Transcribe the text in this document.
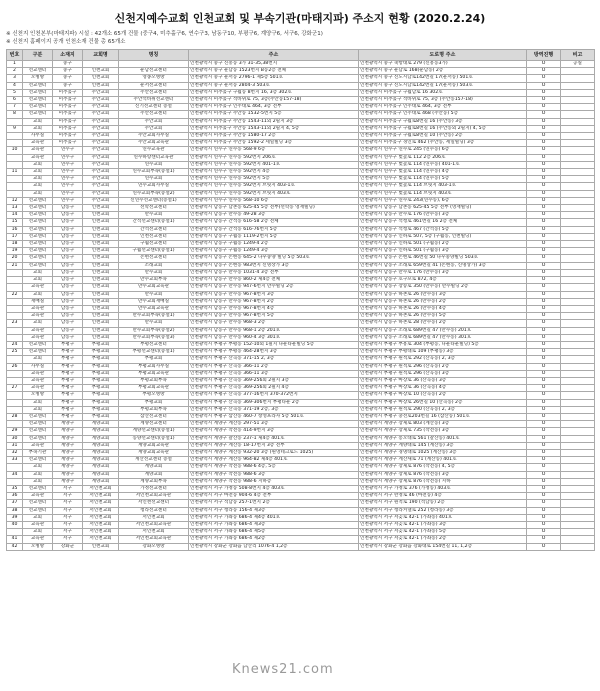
신천지예수교회 인천교회 및 부속기관(마태지파) 주소지 현황 (2020.2.24)
※ 신천지 인천본부(마태지파) 시설 : 42개소 65개 건물 (중구4, 미추홀구6, 연수구3, 남동구10, 부평구6, 계양구6, 서구6, 강화군1)
※ 신천지 홈페이지 공개 인천소재 건물 총 65개소
번호	구분	소재지	교회명	명칭	주소	도로명 주소	방역진행	비고
1		중구			인천광역시 중구 신흥동 3가 31-35,38번지	인천광역시 중구 축항대로 279 (신흥동3가)	O	공실
2	선교센터	중구	인천교회	운남선교센터	인천광역시 중구 운남동 1523번지 B동2층 전체	인천광역시 중구 운남로 168(운남동) 2층	O	
3	오병방	중구	인천교회	영종오병방	인천광역시 중구 운서동 2796-1 제5층 501호	인천광역시 중구 신도시남로142번길 17(운서동) 501호	O	
4	선교센터	중구	인천교회	운서선교센터	인천광역시 중구 운서동 2804-3 503호	인천광역시 중구 신도시남로142번길 17(운서동) 503호	O	
5	선교센터	미추홀구	주안교회	주안선교센터	인천광역시 미추홀구 구월동 8번지 16, 3층 302호	인천광역시 미추홀구 구월남로 16 302호	O	
6	선교센터	미추홀구	주안교회	주안석바위선교센터	인천광역시 미추홀구 석바위로 75, 3층(주안동157-18)	인천광역시 미추홀구 석바위로 75, 3층 (주안동157-18)	O	
7	선교센터	미추홀구	주안교회	신기선교센터 증설	인천광역시 미추홀구 인주대로 464, 3층 전부	인천광역시 미추홀구 인주대로 464, 3층 전부	O	
8	선교센터	미추홀구	주안교회	주안선교센터	인천광역시 미추홀구 주안동 1532-5번지 5층	인천광역시 미추홀구 인주대로 468 (주안동) 5층	O	
	교회	미추홀구	주안교회	주안교회	인천광역시 미추홀구 주안동 1543-11외 2필지 3층	인천광역시 미추홀구 구월로8번길 16 (주안동) 3층	O	
9	교회	미추홀구	주안교회	주안교회	인천광역시 미추홀구 주안동 1543-11외 2필지 4, 5층	인천광역시 미추홀구 구월로8번길 16 (주안동외 2필지) 4, 5층	O	
	사무실	미추홀구	주안교회	주안교회사무실	인천광역시 미추홀구 주안동 1580-17 2층	인천광역시 미추홀구 구월로8번길 10 (주안동) 2층	O	
	교육관	미추홀구	주안교회	주안교회교육관	인천광역시 미추홀구 주안동 1592-2 세일빌딩 3층	인천광역시 미추홀구 경인로 462 (주안동, 세일빌딩) 3층	O	
10	교육관	연수구	주안교회	연수교육관	인천광역시 연수구 연수동 568-9 6층	인천광역시 연수구 연수로 245 (연수동) 6층	O	
	교육관	연수구	주안교회	연수하랑센터교육관	인천광역시 연수구 연수동 592번지 206호	인천광역시 연수구 벚꽃로 112 2층 206호	O	
	교회	연수구	주안교회	연수교회	인천광역시 연수구 연수동 592번지 401-1호	인천광역시 연수구 벚꽃로 114 (연수동) 401-1호	O	
11	교회	연수구	주안교회	연수교회부속(증설1)	인천광역시 연수구 연수동 592번지 4층	인천광역시 연수구 벚꽃로 114 (연수동) 4층	O	
	교회	연수구	주안교회	연수교회	인천광역시 연수구 연수동 592번지 5층	인천광역시 연수구 벚꽃로 114 (연수동) 5층	O	
	교회	연수구	주안교회	연수교회사무실	인천광역시 연수구 연수동 592번지 브릿지 403-1호	인천광역시 연수구 벚꽃로 114 브릿지 403-1호	O	
	교회	연수구	주안교회	연수교회부속(증설2)	인천광역시 연수구 연수동 592번지 브릿지 403호	인천광역시 연수구 벚꽃로 114 브릿지 403호	O	
12	선교센터	연수구	주안교회	신연수선교센터(증설1)	인천광역시 연수구 연수동 568-10 6층	인천광역시 연수구 연수로 243(연수동), 6층	O	
13	선교센터	남동구	인천교회	선학선교센터	인천광역시 남동구 남촌동 625-45 5층 전부(선학동 영재빌딩)	인천광역시 남동구 남촌동 625-45 5층 전부 (영재빌딩)	O	
14	선교센터	남동구	인천교회	만수교회	인천광역시 남동구 만수동 49-28 3층	인천광역시 남동구 만수로 176 (만수동) 3층	O	
15	선교센터	남동구	인천교회	간석선교센터(증설1)	인천광역시 남동구 간석동 616-58 2층 전체	인천광역시 남동구 석청로 461번길 16 2층 전체	O	
16	선교센터	남동구	인천교회	간석선교센터	인천광역시 남동구 간석동 616-76번지 5층	인천광역시 남동구 석청로 467 (간석동) 5층	O	
17	선교센터	남동구	인천교회	인천선교센터	인천광역시 남동구 구월동 1119-2번지 5층	인천광역시 남동구 인하로 507, 5층 (구월동, 인천빌딩)	O	
18	선교센터	남동구	인천교회	구월선교센터	인천광역시 남동구 구월동 1249-4 2층	인천광역시 남동구 인하로 501 (구월동) 2층	O	
19	선교센터	남동구	인천교회	구월선교센터(증설1)	인천광역시 남동구 구월동 1249-4 3층	인천광역시 남동구 인하로 501 (구월동) 3층	O	
20	선교센터	남동구	인천교회	논현선교센터	인천광역시 남동구 논현동 645-2 다우중양 빌딩 5층 503호	인천광역시 남동구 논현로 46번길 50 다우중양빌딩 503호	O	
21	선교센터	남동구	인천교회	소래교회	인천광역시 남동구 논현동 983번지 신명상가 3층	인천광역시 남동구 소래로 659번길 41 (논현동, 신명상가) 3층	O	
	교회	남동구	인천교회	만수교회	인천광역시 남동구 만수동 1031-4 3층 전부	인천광역시 남동구 만수로 176 (만수동) 3층	O	
	교회	남동구	인천교회	만수교회부속	인천광역시 남동구 만수동 860-2 제4층 전체	인천광역시 남동구 호구포로 872, 4층	O	
	교육관	남동구	인천교회	만수교회교육관	인천광역시 남동구 만수동 947-6번지 만수빌딩 2층	인천광역시 남동구 장승로 350 (만수동) 만수빌딩 2층	O	
22	교회	남동구	인천교회	만수교회	인천광역시 남동구 만수동 967-8번지 3층	인천광역시 남동구 하촌로 26 (만수동) 3층	O	
	재배실	남동구	인천교회	만수교회재배실	인천광역시 남동구 만수동 967-8번지 2층	인천광역시 남동구 하촌로 26 (만수동) 2층	O	
	교육관	남동구	인천교회	만수교회교육관	인천광역시 남동구 만수동 967-8번지 4층	인천광역시 남동구 하촌로 26 (만수동) 4층	O	
	교육관	남동구	인천교회	만수교회부속(증설1)	인천광역시 남동구 만수동 967-8번지 5층	인천광역시 남동구 하촌로 26 (만수동) 5층	O	
23	교회	남동구	인천교회	만수교회	인천광역시 남동구 만수동 968-3 2층	인천광역시 남동구 하촌로 28 (만수동) 2층	O	
	교육관	남동구	인천교회	만수교회부속(증설2)	인천광역시 남동구 만수동 968-1 2층 201호	인천광역시 남동구 소래로 689번길 47 (만수동) 201호	O	
	교육관	남동구	인천교회	만수교회부속(증설3)	인천광역시 남동구 만수동 960-4 3층 301호	인천광역시 남동구 소래로 689번길 47 (만수동) 301호	O	
24	선교센터	부평구	부평교회	부평선교센터	인천광역시 부평구 부평동 152-10외 1필지 다운타운빌딩 5층	인천광역시 부평구 부흥로 304 (부평동, 다운타운빌딩) 5층	O	
25	선교센터	부평구	부평교회	부평선교센터(증설1)	인천광역시 부평구 부평동 464-28번지 3층	인천광역시 부평구 부평대로 109 (부평동) 3층	O	
	교회	부평구	부평교회	부평교회	인천광역시 부평구 산곡동 371-15 2, 3층	인천광역시 부평구 원적로 292 (산곡동) 2, 3층	O	
26	사무실	부평구	부평교회	부평교회사무실	인천광역시 부평구 산곡동 366-11 2층	인천광역시 부평구 원적로 296 (산곡동) 2층	O	
	교육관	부평구	부평교회	부평교회교육관	인천광역시 부평구 산곡동 366-11 3층	인천광역시 부평구 원적로 296 (산곡동) 3층	O	
	교육관	부평구	부평교회	부평교회부속	인천광역시 부평구 산곡동 369-256외 2필지 3층	인천광역시 부평구 마장로 36 (산곡동) 3층	O	
27	교육관	부평구	부평교회	부평교회교육관	인천광역시 부평구 산곡동 369-256외 2필지 4층	인천광역시 부평구 마장로 36 (산곡동) 4층	O	
	오병방	부평구	부평교회	부평오병방	인천광역시 부평구 산곡동 377-16번지 370-372번지	인천광역시 부평구 마장로 10 (산곡동) 2층	O	
	교회	부평구	부평교회	부평교회	인천광역시 부평구 산곡동 369-306번지 부평타운 2층	인천광역시 부평구 마장로 26번길 10 (산곡동) 2층	O	
	교회	부평구	부평교회	부평교회부속	인천광역시 부평구 산곡동 371-19 2층, 3층	인천광역시 부평구 원적로 290 (산곡동) 2, 3층	O	
28	선교센터	부평구	부평교회	삼산선교센터	인천광역시 부평구 삼산동 460-7 창성프라자 5층 501호	인천광역시 부평구 충선로203번길 16 (삼산동) 501호	O	
	선교센터	계양구	계양교회	계양선교센터	인천광역시 계양구 계산동 297-51 3층	인천광역시 계양구 장제로 803 (계산동) 3층	O	
29	선교센터	계양구	계양교회	계양선교센터(증설1)	인천광역시 계양구 작전동 414-9번지 3층	인천광역시 계양구 장제로 735 (작전동) 3층	O	
30	선교센터	계양구	계양교회	동양선교센터(증설1)	인천광역시 계양구 갈산동 237-1 제4층 401호	인천광역시 계양구 봉오대로 561 (갈산동) 401호	O	
31	교육관	계양구	계양교회	계양교회교육관	인천광역시 계양구 계산동 18-17번지 3층 전부	인천광역시 계양구 계양대로 145 (계산동) 3층	O	
32	부속기관	계양구	계양교회	계양교회교육관	인천광역시 계양구 계산동 932-20 3층 (원영테크로드 1025)	인천광역시 계양구 경명대로 1025 (계산동) 3층	O	
33	선교센터	계양구	계양교회	계산선교센터 증설	인천광역시 계양구 계산동 964-82 제4층 401호	인천광역시 계양구 계산새로 71 (계산동) 401호	O	
	교회	계양구	계양교회	계양교회	인천광역시 계양구 작전동 988-6 4층, 5층	인천광역시 계양구 장제로 876 (작전동) 4, 5층	O	
34	교회	계양구	계양교회	계양교회	인천광역시 계양구 작전동 988-6 3층	인천광역시 계양구 장제로 876 (작전동) 3층	O	
	교회	계양구	계양교회	계양교회부속	인천광역시 계양구 작전동 988-6 지하층	인천광역시 계양구 장제로 876 (작전동) 지하	O	
35	선교센터	서구	서인천교회	가정선교센터	인천광역시 서구 가정동 508-8번지 4층 403호	인천광역시 서구 가정로 376 (가정동) 403호	O	
36	교육관	서구	서인천교회	서인천교회교육관	인천광역시 서구 마전동 904-6 4층 전부	인천광역시 서구 완정로 46 (마전동) 4층	O	
37	선교센터	서구	서인천교회	서인천선교센터	인천광역시 서구 석남동 257-1번지 2층	인천광역시 서구 원적로 190 (석남동) 2층	O	
38	선교센터	서구	서인천교회	청라선교센터	인천광역시 서구 청라동 156-4 제3층	인천광역시 서구 청라커낼로 252 (청라동) 3층	O	
39	교회	서구	서인천교회	서인천교회	인천광역시 서구 가좌동 686-4 제4층 401호	인천광역시 서구 서곶로 42-1 (가좌동) 401호	O	
40	교육관	서구	서인천교회	서인천교회교육관	인천광역시 서구 가좌동 686-4 제3층	인천광역시 서구 서곶로 42-1 (가좌동) 3층	O	
	교회	서구	서인천교회	서인천교회	인천광역시 서구 가좌동 686-4 제5층	인천광역시 서구 서곶로 42-1 (가좌동) 5층	O	
41	교육관	서구	서인천교회	서인천교회교육관	인천광역시 서구 가좌동 686-4 제2층	인천광역시 서구 서곶로 42-1 (가좌동) 2층	O	
42	오병방	강화군	인천교회	강화오병방	인천광역시 강화군 강화읍 남산리 1076-4 1,2층	인천광역시 강화군 강화읍 강화대로 154번길 11, 1,2층	O	
Knews21.com
